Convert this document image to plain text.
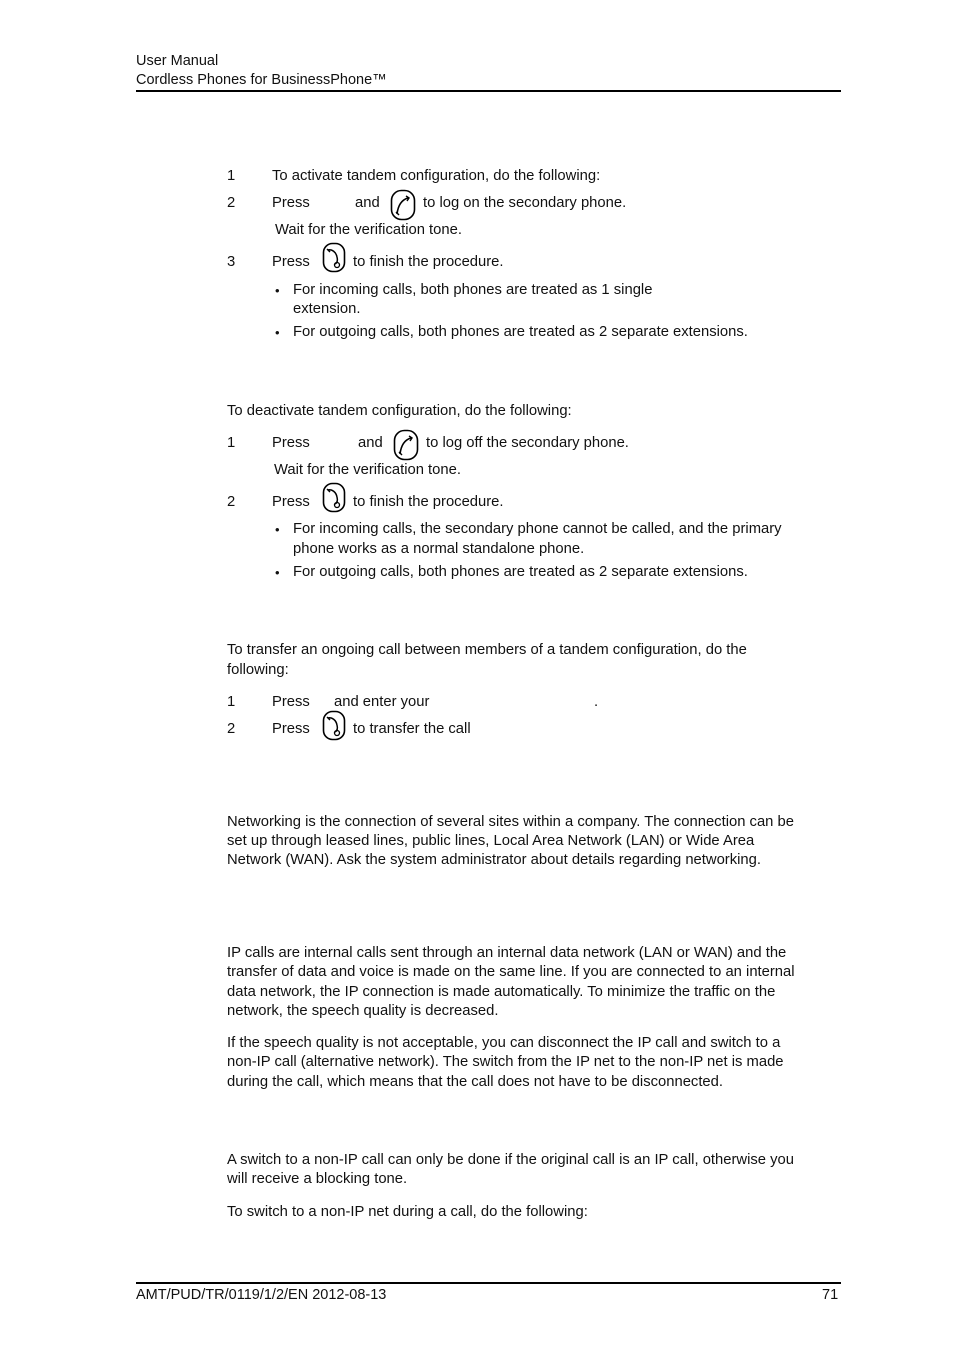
User Manual
Cordless Phones for BusinessPhone™
1 To activate tandem configuration, do the following:
2 Press	and	to log on the secondary phone.
Wait for the verification tone.
3 Press	to finish the procedure.
• For incoming calls, both phones are treated as 1 single
extension.
• For outgoing calls, both phones are treated as 2 separate extensions.
To deactivate tandem configuration, do the following:
1 Press	and	to log off the secondary phone.
Wait for the verification tone.
2 Press	to finish the procedure.
• For incoming calls, the secondary phone cannot be called, and the primary
phone works as a normal standalone phone.
• For outgoing calls, both phones are treated as 2 separate extensions.
To transfer an ongoing call between members of a tandem configuration, do the
following:
1 Press and enter your	.
2 Press	to transfer the call
Networking is the connection of several sites within a company. The connection can be
set up through leased lines, public lines, Local Area Network (LAN) or Wide Area
Network (WAN). Ask the system administrator about details regarding networking.
IP calls are internal calls sent through an internal data network (LAN or WAN) and the
transfer of data and voice is made on the same line. If you are connected to an internal
data network, the IP connection is made automatically. To minimize the traffic on the
network, the speech quality is decreased.
If the speech quality is not acceptable, you can disconnect the IP call and switch to a
non-IP call (alternative network). The switch from the IP net to the non-IP net is made
during the call, which means that the call does not have to be disconnected.
A switch to a non-IP call can only be done if the original call is an IP call, otherwise you
will receive a blocking tone.
To switch to a non-IP net during a call, do the following:
AMT/PUD/TR/0119/1/2/EN 2012-08-13	71
